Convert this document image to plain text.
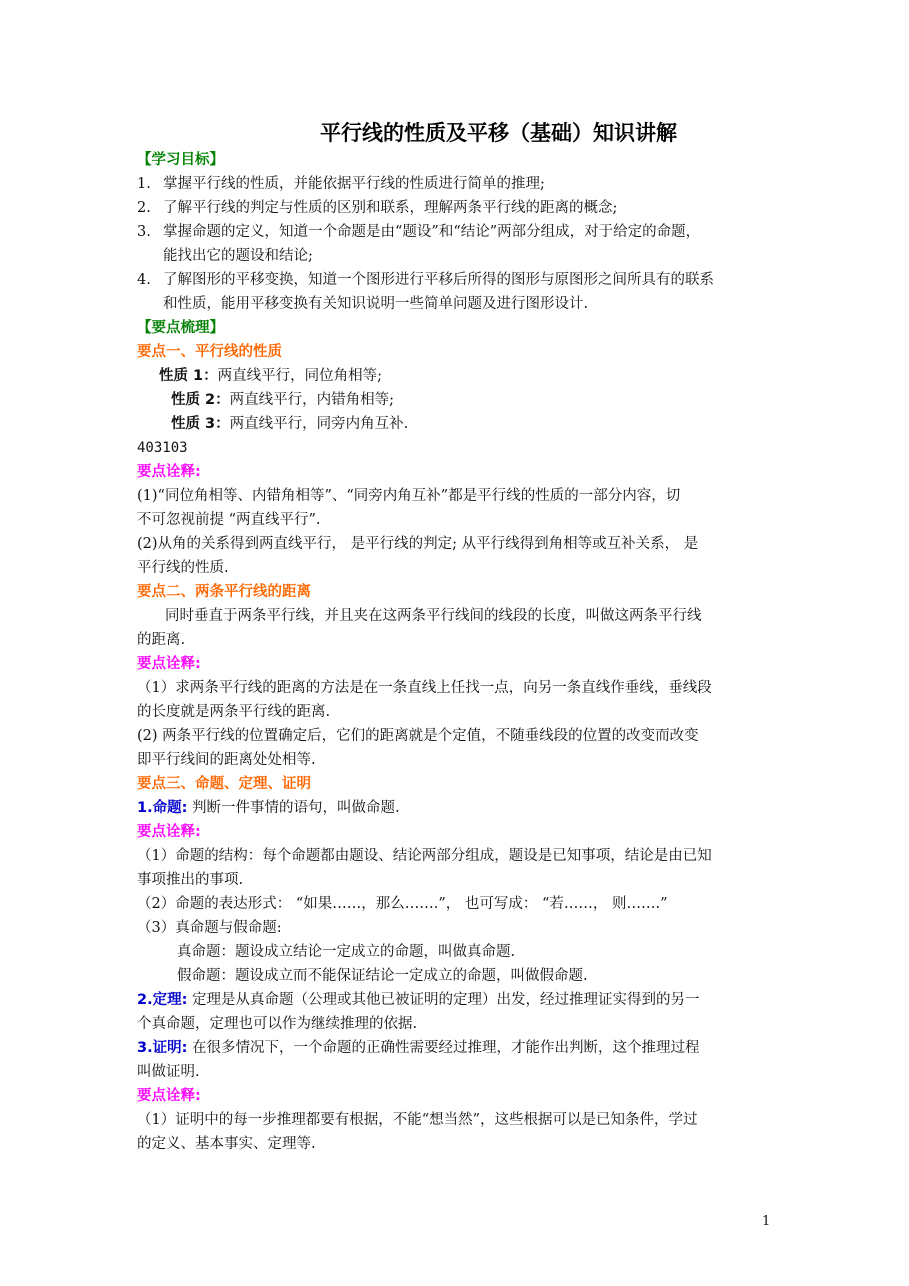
平行线的性质及平移（基础）知识讲解
【学习目标】
1. 掌握平行线的性质，并能依据平行线的性质进行简单的推理;
2. 了解平行线的判定与性质的区别和联系，理解两条平行线的距离的概念;
3. 掌握命题的定义，知道一个命题是由“题设”和“结论”两部分组成，对于给定的命题，
能找出它的题设和结论;
4. 了解图形的平移变换，知道一个图形进行平移后所得的图形与原图形之间所具有的联系
和性质，能用平移变换有关知识说明一些简单问题及进行图形设计.
【要点梳理】
要点一、平行线的性质
性质 1：两直线平行，同位角相等;
性质 2：两直线平行，内错角相等;
性质 3：两直线平行，同旁内角互补.
403103
要点诠释:
(1)“同位角相等、内错角相等”、“同旁内角互补”都是平行线的性质的一部分内容，切
不可忽视前提 “两直线平行”.
(2)从角的关系得到两直线平行， 是平行线的判定; 从平行线得到角相等或互补关系， 是
平行线的性质.
要点二、两条平行线的距离
同时垂直于两条平行线，并且夹在这两条平行线间的线段的长度，叫做这两条平行线
的距离.
要点诠释:
（1）求两条平行线的距离的方法是在一条直线上任找一点，向另一条直线作垂线，垂线段
的长度就是两条平行线的距离.
(2) 两条平行线的位置确定后，它们的距离就是个定值，不随垂线段的位置的改变而改变
即平行线间的距离处处相等.
要点三、命题、定理、证明
1.命题: 判断一件事情的语句，叫做命题.
要点诠释:
（1）命题的结构：每个命题都由题设、结论两部分组成，题设是已知事项，结论是由已知
事项推出的事项.
（2）命题的表达形式： “如果……，那么…….”， 也可写成： “若……， 则…….”
（3）真命题与假命题:
真命题：题设成立结论一定成立的命题，叫做真命题.
假命题：题设成立而不能保证结论一定成立的命题，叫做假命题.
2.定理: 定理是从真命题（公理或其他已被证明的定理）出发，经过推理证实得到的另一
个真命题，定理也可以作为继续推理的依据.
3.证明: 在很多情况下，一个命题的正确性需要经过推理，才能作出判断，这个推理过程
叫做证明.
要点诠释:
（1）证明中的每一步推理都要有根据，不能“想当然”，这些根据可以是已知条件，学过
的定义、基本事实、定理等.
1
